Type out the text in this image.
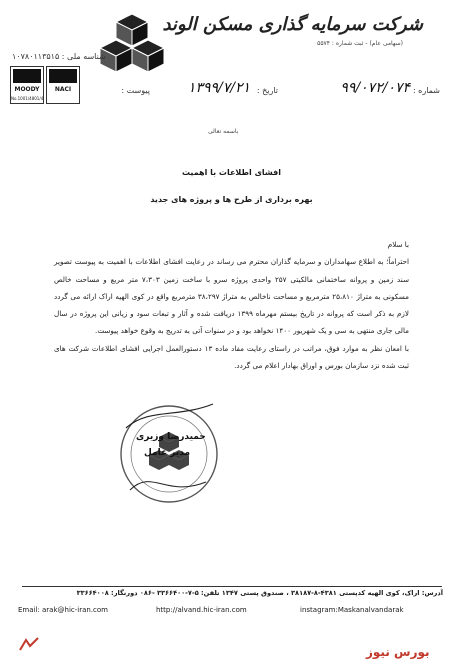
شرکت سرمایه گذاری مسکن الوند
(سهامی عام) - ثبت شماره : ۵۵۷۴
شناسه ملی : ۱۰۷۸۰۱۱۳۵۱۵
MOODY
No.1001/4801/4
NACI	شماره :
۹۹/۰۷۲/۰۷۴
تاریخ :
۱۳۹۹/۷/۲۱
پیوست :
باسمه تعالی
افشای اطلاعات با اهمیت
بهره برداری از طرح ها و پروژه های جدید

با سلام

احتراماً؛ به اطلاع سهامداران و سرمایه گذاران محترم می رساند در رعایت افشای اطلاعات با اهمیت به پیوست تصویر سند زمین و پروانه ساختمانی مالکیتی ۲۵۷ واحدی پروژه سرو با ساخت زمین ۷،۳۰۳ متر مربع و مساحت خالص مسکونی به متراژ ۲۵،۸۱۰ مترمربع و مساحت ناخالص به متراژ ۳۸،۲۹۷ مترمربع واقع در کوی الهیه اراک ارائه می گردد لازم به ذکر است که پروانه در تاریخ بیستم مهرماه ۱۳۹۹ دریافت شده و آثار و تبعات سود و زیانی این پروژه در سال مالی جاری منتهی به سی و یک شهریور ۱۴۰۰ نخواهد بود و در سنوات آتی به تدریج به وقوع خواهد پیوست.

با امعان نظر به موارد فوق، مراتب در راستای رعایت مفاد ماده ۱۳ دستورالعمل اجرایی افشای اطلاعات شرکت های ثبت شده نزد سازمان بورس و اوراق بهادار اعلام می گردد.

حمیدرضا وزیری
مدیر عامل
آدرس: اراک، کوی الهیه کدپستی ۴۳۸۱-۸-۳۸۱۸۷ ، صندوق پستی ۱۳۴۷ تلفن: ۵-۷-۳۳۶۶۴۰۰ -۰۸۶ دورنگار: ۳۳۶۶۴۰۰۸
Email: arak@hic-iran.com	http://alvand.hic-iran.com	instagram:Maskanalvandarak
بورس نیوز
